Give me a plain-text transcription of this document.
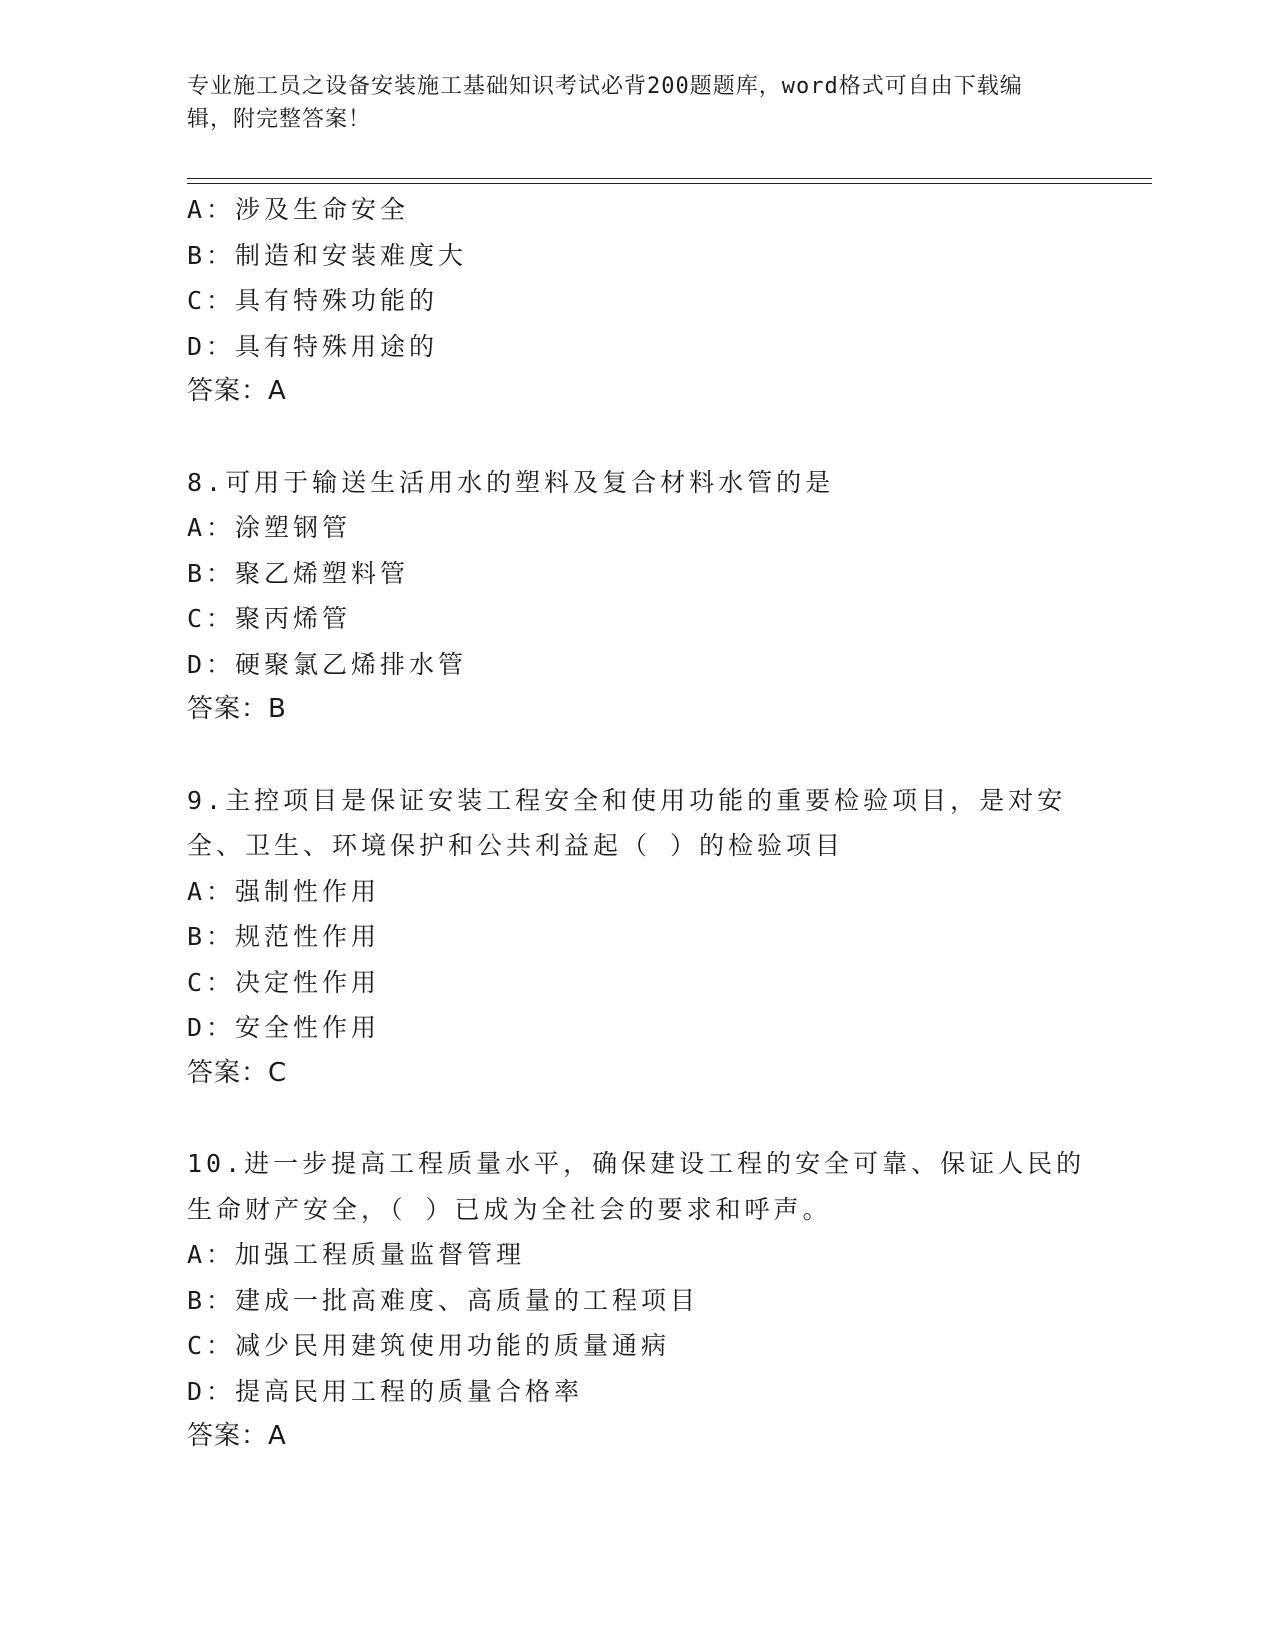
专业施工员之设备安装施工基础知识考试必背200题题库，word格式可自由下载编辑，附完整答案！
A：涉及生命安全
B：制造和安装难度大
C：具有特殊功能的
D：具有特殊用途的
答案：A
8.可用于输送生活用水的塑料及复合材料水管的是
A：涂塑钢管
B：聚乙烯塑料管
C：聚丙烯管
D：硬聚氯乙烯排水管
答案：B
9.主控项目是保证安装工程安全和使用功能的重要检验项目，是对安全、卫生、环境保护和公共利益起（ ）的检验项目
A：强制性作用
B：规范性作用
C：决定性作用
D：安全性作用
答案：C
10.进一步提高工程质量水平，确保建设工程的安全可靠、保证人民的生命财产安全，（ ）已成为全社会的要求和呼声。
A：加强工程质量监督管理
B：建成一批高难度、高质量的工程项目
C：减少民用建筑使用功能的质量通病
D：提高民用工程的质量合格率
答案：A
